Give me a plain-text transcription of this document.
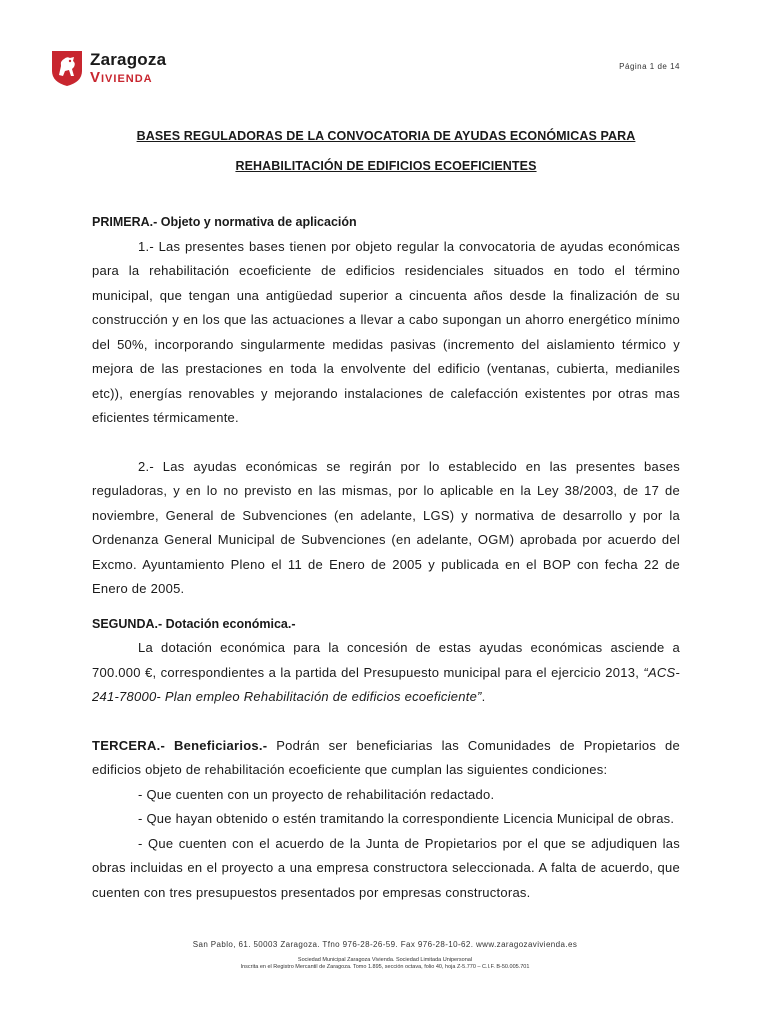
Zaragoza
Vivienda
Página 1 de 14
BASES REGULADORAS DE LA CONVOCATORIA DE AYUDAS ECONÓMICAS PARA
REHABILITACIÓN DE EDIFICIOS ECOEFICIENTES
PRIMERA.- Objeto y normativa de aplicación

1.- Las presentes bases tienen por objeto regular la convocatoria de ayudas económicas para la rehabilitación ecoeficiente de edificios residenciales situados en todo el término municipal, que tengan una antigüedad superior a cincuenta años desde la finalización de su construcción y en los que las actuaciones a llevar a cabo supongan un ahorro energético mínimo del 50%, incorporando singularmente medidas pasivas (incremento del aislamiento térmico y mejora de las prestaciones en toda la envolvente del edificio (ventanas, cubierta, medianiles etc)), energías renovables y mejorando instalaciones de calefacción existentes por otras mas eficientes térmicamente.

2.- Las ayudas económicas se regirán por lo establecido en las presentes bases reguladoras, y en lo no previsto en las mismas, por lo aplicable en la Ley 38/2003, de 17 de noviembre, General de Subvenciones (en adelante, LGS) y normativa de desarrollo y por la Ordenanza General Municipal de Subvenciones (en adelante, OGM) aprobada por acuerdo del Excmo. Ayuntamiento Pleno el 11 de Enero de 2005 y publicada en el BOP con fecha 22 de Enero de 2005.

SEGUNDA.- Dotación económica.-

La dotación económica para la concesión de estas ayudas económicas asciende a 700.000 €, correspondientes a la partida del Presupuesto municipal para el ejercicio 2013, “ACS-241-78000- Plan empleo Rehabilitación de edificios ecoeficiente”.

TERCERA.- Beneficiarios.- Podrán ser beneficiarias las Comunidades de Propietarios de edificios objeto de rehabilitación ecoeficiente que cumplan las siguientes condiciones:

- Que cuenten con un proyecto de rehabilitación redactado.

- Que hayan obtenido o estén tramitando la correspondiente Licencia Municipal de obras.

- Que cuenten con el acuerdo de la Junta de Propietarios por el que se adjudiquen las obras incluidas en el proyecto a una empresa constructora seleccionada. A falta de acuerdo, que cuenten con tres presupuestos presentados por empresas constructoras.

San Pablo, 61. 50003 Zaragoza. Tfno 976-28-26-59. Fax 976-28-10-62. www.zaragozavivienda.es
Sociedad Municipal Zaragoza Vivienda. Sociedad Limitada Unipersonal
Inscrita en el Registro Mercantil de Zaragoza. Tomo 1.895, sección octava, folio 40, hoja Z-5.770 – C.I.F. B-50.005.701
